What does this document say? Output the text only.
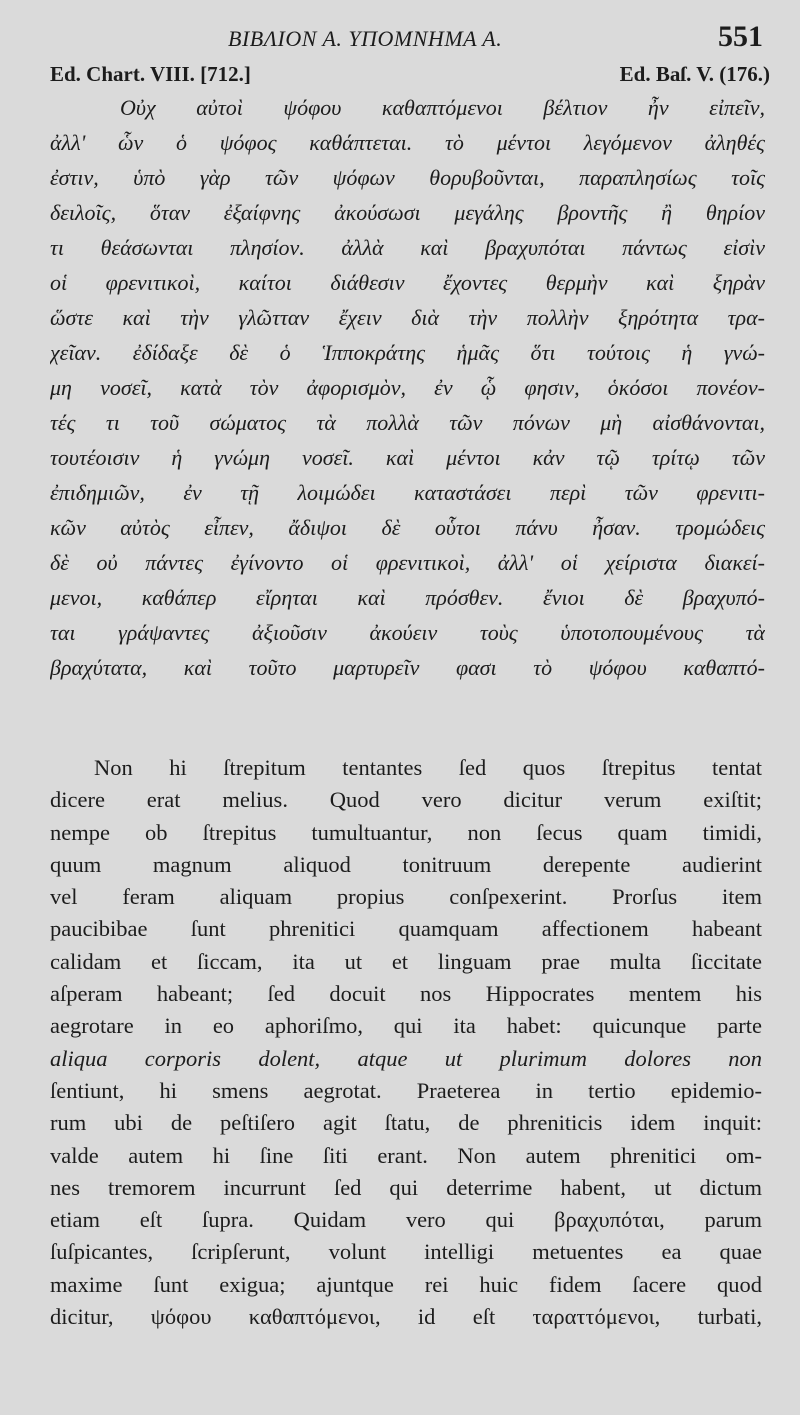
ΒΙΒΛΙΟΝ Α. ΥΠΟΜΝΗΜΑ Α.	551
Ed. Chart. VIII. [712.]	Ed. Baſ. V. (176.)
Οὐχ αὐτοὶ ψόφου καθαπτόμενοι βέλτιον ἦν εἰπεῖν,
ἀλλ' ὧν ὁ ψόφος καθάπτεται. τὸ μέντοι λεγόμενον ἀληθές
ἐστιν, ὑπὸ γὰρ τῶν ψόφων θορυβοῦνται, παραπλησίως τοῖς
δειλοῖς, ὅταν ἐξαίφνης ἀκούσωσι μεγάλης βροντῆς ἢ θηρίον
τι θεάσωνται πλησίον. ἀλλὰ καὶ βραχυπόται πάντως εἰσὶν
οἱ φρενιτικοὶ, καίτοι διάθεσιν ἔχοντες θερμὴν καὶ ξηρὰν
ὥστε καὶ τὴν γλῶτταν ἔχειν διὰ τὴν πολλὴν ξηρότητα τρα-
χεῖαν. ἐδίδαξε δὲ ὁ Ἱπποκράτης ἡμᾶς ὅτι τούτοις ἡ γνώ-
μη νοσεῖ, κατὰ τὸν ἀφορισμὸν, ἐν ᾧ φησιν, ὁκόσοι πονέον-
τές τι τοῦ σώματος τὰ πολλὰ τῶν πόνων μὴ αἰσθάνονται,
τουτέοισιν ἡ γνώμη νοσεῖ. καὶ μέντοι κἀν τῷ τρίτῳ τῶν
ἐπιδημιῶν, ἐν τῇ λοιμώδει καταστάσει περὶ τῶν φρενιτι-
κῶν αὐτὸς εἶπεν, ἄδιψοι δὲ οὗτοι πάνυ ἦσαν. τρομώδεις
δὲ οὐ πάντες ἐγίνοντο οἱ φρενιτικοὶ, ἀλλ' οἱ χείριστα διακεί-
μενοι, καθάπερ εἴρηται καὶ πρόσθεν. ἔνιοι δὲ βραχυπό-
ται γράψαντες ἀξιοῦσιν ἀκούειν τοὺς ὑποτοπουμένους τὰ
βραχύτατα, καὶ τοῦτο μαρτυρεῖν φασι τὸ ψόφου καθαπτό-
Non hi ſtrepitum tentantes ſed quos ſtrepitus tentat
dicere erat melius. Quod vero dicitur verum exiſtit;
nempe ob ſtrepitus tumultuantur, non ſecus quam timidi,
quum magnum aliquod tonitruum derepente audierint
vel feram aliquam propius conſpexerint. Prorſus item
paucibibae ſunt phrenitici quamquam affectionem habeant
calidam et ſiccam, ita ut et linguam prae multa ſiccitate
aſperam habeant; ſed docuit nos Hippocrates mentem his
aegrotare in eo aphoriſmo, qui ita habet: quicunque parte
aliqua corporis dolent, atque ut plurimum dolores non
ſentiunt, hi smens aegrotat. Praeterea in tertio epidemio-
rum ubi de peſtiſero agit ſtatu, de phreniticis idem inquit:
valde autem hi ſine ſiti erant. Non autem phrenitici om-
nes tremorem incurrunt ſed qui deterrime habent, ut dictum
etiam eſt ſupra. Quidam vero qui βραχυπόται, parum
ſuſpicantes, ſcripſerunt, volunt intelligi metuentes ea quae
maxime ſunt exigua; ajuntque rei huic fidem ſacere quod
dicitur, ψόφου καθαπτόμενοι, id eſt ταραττόμενοι, turbati,
